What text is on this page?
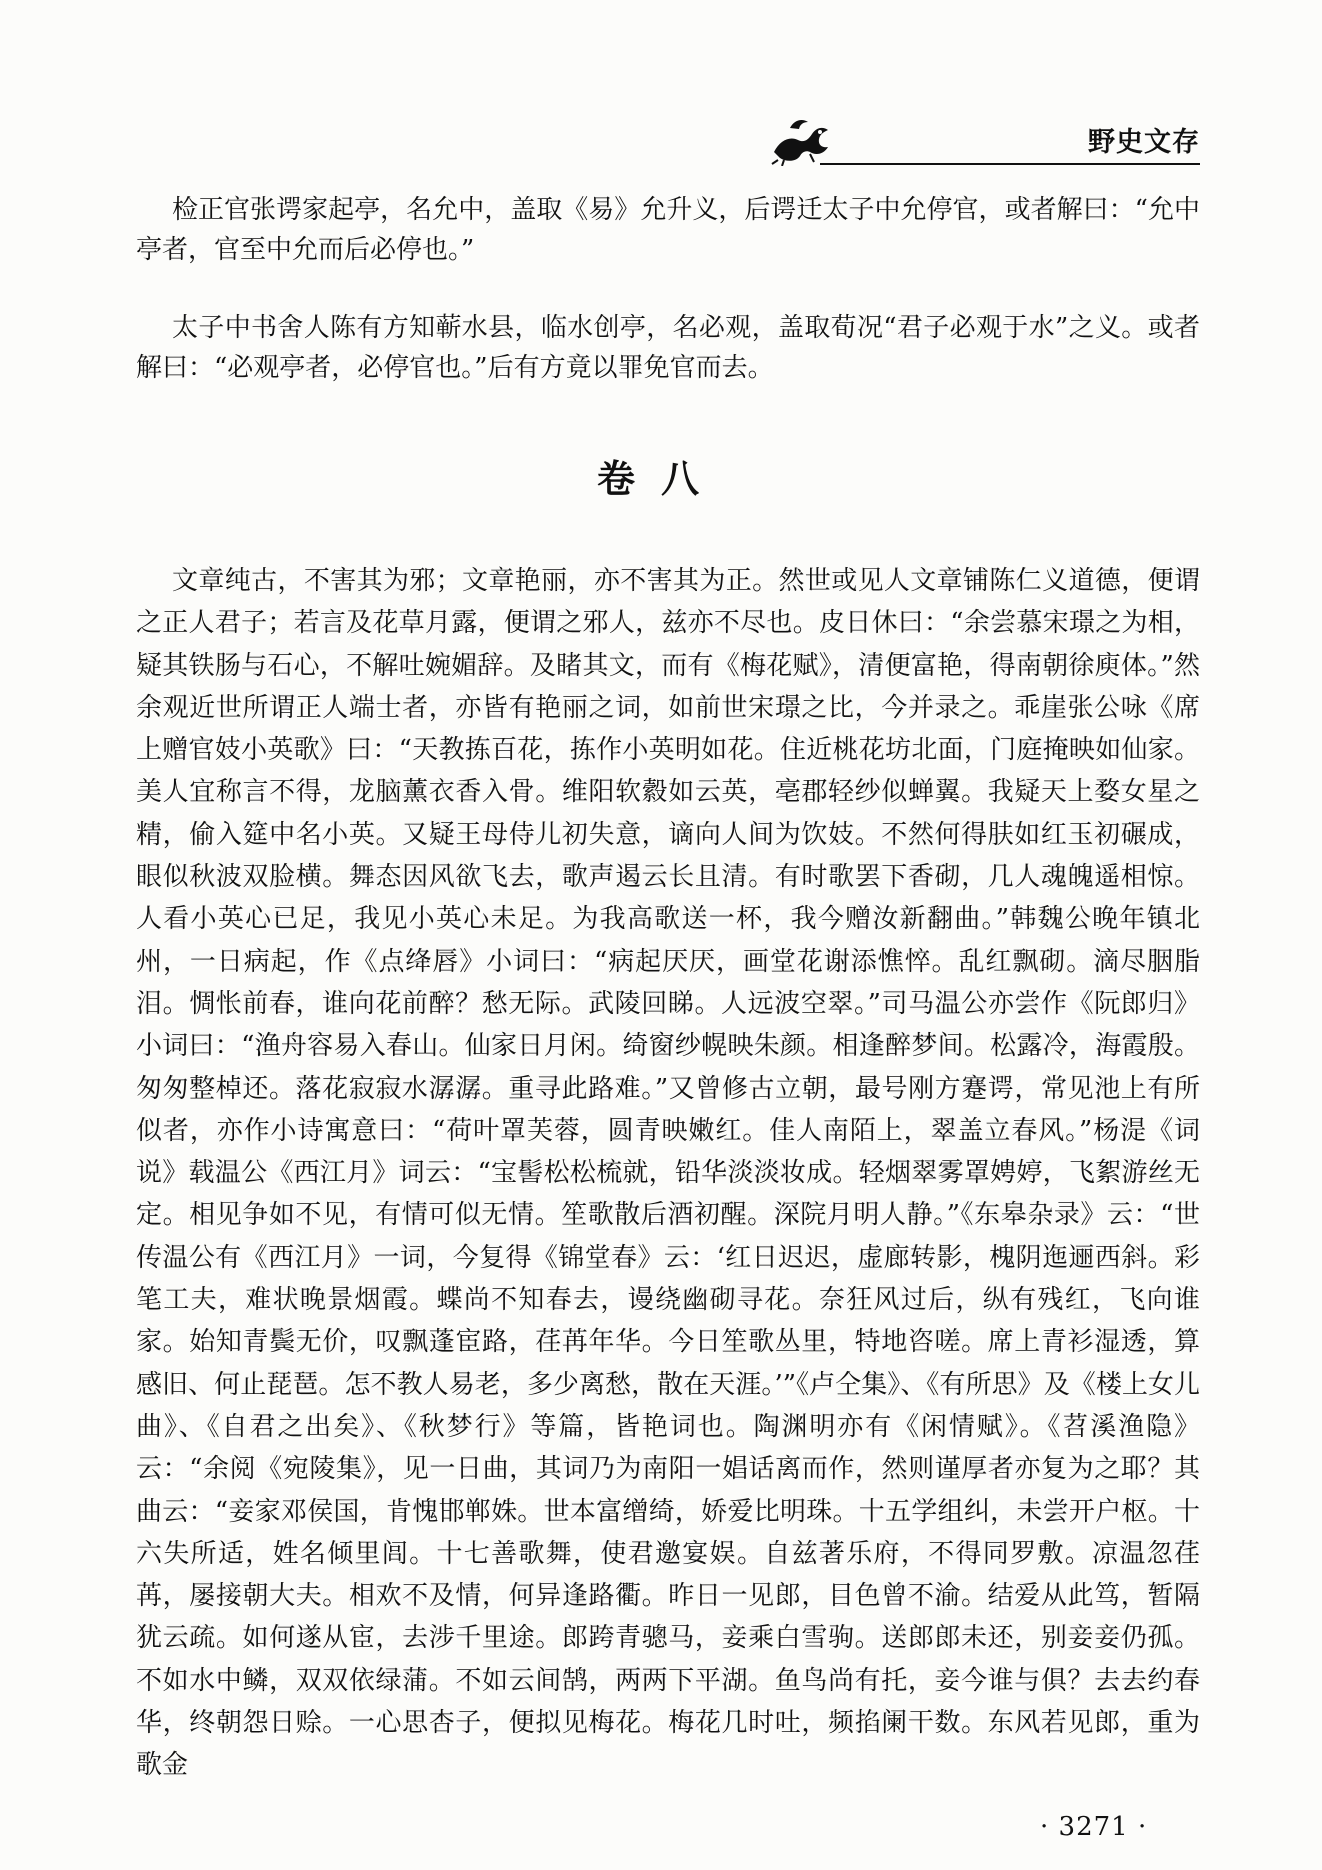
野史文存

检正官张谔家起亭，名允中，盖取《易》允升义，后谔迁太子中允停官，或者解曰：“允中亭者，官至中允而后必停也。”

太子中书舍人陈有方知蕲水县，临水创亭，名必观，盖取荀况“君子必观于水”之义。或者解曰：“必观亭者，必停官也。”后有方竟以罪免官而去。

卷八

文章纯古，不害其为邪；文章艳丽，亦不害其为正。然世或见人文章铺陈仁义道德，便谓之正人君子；若言及花草月露，便谓之邪人，兹亦不尽也。皮日休曰：“余尝慕宋璟之为相，疑其铁肠与石心，不解吐婉媚辞。及睹其文，而有《梅花赋》，清便富艳，得南朝徐庾体。”然余观近世所谓正人端士者，亦皆有艳丽之词，如前世宋璟之比，今并录之。乖崖张公咏《席上赠官妓小英歌》曰：“天教拣百花，拣作小英明如花。住近桃花坊北面，门庭掩映如仙家。美人宜称言不得，龙脑薰衣香入骨。维阳软縠如云英，亳郡轻纱似蝉翼。我疑天上婺女星之精，偷入筵中名小英。又疑王母侍儿初失意，谪向人间为饮妓。不然何得肤如红玉初碾成，眼似秋波双脸横。舞态因风欲飞去，歌声遏云长且清。有时歌罢下香砌，几人魂魄遥相惊。人看小英心已足，我见小英心未足。为我高歌送一杯，我今赠汝新翻曲。”韩魏公晚年镇北州，一日病起，作《点绛唇》小词曰：“病起厌厌，画堂花谢添憔悴。乱红飘砌。滴尽胭脂泪。惆怅前春，谁向花前醉？愁无际。武陵回睇。人远波空翠。”司马温公亦尝作《阮郎归》小词曰：“渔舟容易入春山。仙家日月闲。绮窗纱幌映朱颜。相逢醉梦间。松露冷，海霞殷。匆匆整棹还。落花寂寂水潺潺。重寻此路难。”又曾修古立朝，最号刚方蹇谔，常见池上有所似者，亦作小诗寓意曰：“荷叶罩芙蓉，圆青映嫩红。佳人南陌上，翠盖立春风。”杨湜《词说》载温公《西江月》词云：“宝髻松松梳就，铅华淡淡妆成。轻烟翠雾罩娉婷，飞絮游丝无定。相见争如不见，有情可似无情。笙歌散后酒初醒。深院月明人静。”《东皋杂录》云：“世传温公有《西江月》一词，今复得《锦堂春》云：‘红日迟迟，虚廊转影，槐阴迤逦西斜。彩笔工夫，难状晚景烟霞。蝶尚不知春去，谩绕幽砌寻花。奈狂风过后，纵有残红，飞向谁家。始知青鬓无价，叹飘蓬宦路，荏苒年华。今日笙歌丛里，特地咨嗟。席上青衫湿透，算感旧、何止琵琶。怎不教人易老，多少离愁，散在天涯。’”《卢仝集》、《有所思》及《楼上女儿曲》、《自君之出矣》、《秋梦行》等篇，皆艳词也。陶渊明亦有《闲情赋》。《苕溪渔隐》云：“余阅《宛陵集》，见一日曲，其词乃为南阳一娼话离而作，然则谨厚者亦复为之耶？其曲云：“妾家邓侯国，肯愧邯郸姝。世本富缯绮，娇爱比明珠。十五学组纠，未尝开户枢。十六失所适，姓名倾里闾。十七善歌舞，使君邀宴娱。自兹著乐府，不得同罗敷。凉温忽荏苒，屡接朝大夫。相欢不及情，何异逢路衢。昨日一见郎，目色曾不渝。结爱从此笃，暂隔犹云疏。如何遂从宦，去涉千里途。郎跨青骢马，妾乘白雪驹。送郎郎未还，别妾妾仍孤。不如水中鳞，双双依绿蒲。不如云间鹄，两两下平湖。鱼鸟尚有托，妾今谁与俱？去去约春华，终朝怨日赊。一心思杏子，便拟见梅花。梅花几时吐，频掐阑干数。东风若见郎，重为歌金

· 3271 ·
